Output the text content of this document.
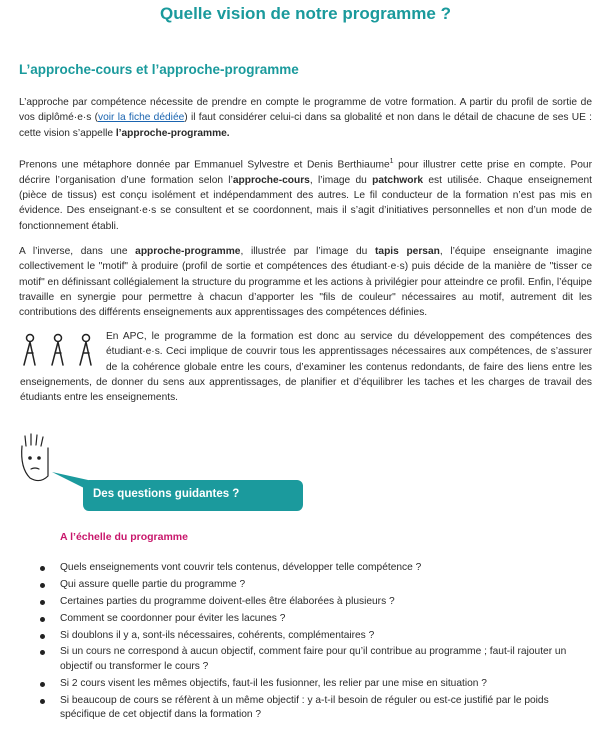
Quelle vision de notre programme ?
L’approche-cours et l’approche-programme

L’approche par compétence nécessite de prendre en compte le programme de votre formation. A partir du profil de sortie de vos diplômé·e·s (voir la fiche dédiée) il faut considérer celui-ci dans sa globalité et non dans le détail de chacune de ses UE : cette vision s’appelle l’approche-programme.

Prenons une métaphore donnée par Emmanuel Sylvestre et Denis Berthiaume$^1$ pour illustrer cette prise en compte. Pour décrire l’organisation d’une formation selon l’approche-cours, l’image du patchwork est utilisée. Chaque enseignement (pièce de tissus) est conçu isolément et indépendamment des autres. Le fil conducteur de la formation n’est pas mis en évidence. Des enseignant·e·s se consultent et se coordonnent, mais il s’agit d’initiatives personnelles et non d’un mode de fonctionnement établi.

A l’inverse, dans une approche-programme, illustrée par l’image du tapis persan, l’équipe enseignante imagine collectivement le "motif" à produire (profil de sortie et compétences des étudiant·e·s) puis décide de la manière de "tisser ce motif" en définissant collégialement la structure du programme et les actions à privilégier pour atteindre ce profil. Enfin, l’équipe travaille en synergie pour permettre à chacun d’apporter les "fils de couleur" nécessaires au motif, autrement dit les contributions des différents enseignements aux apprentissages des compétences définies.

En APC, le programme de la formation est donc au service du développement des compétences des étudiant·e·s. Ceci implique de couvrir tous les apprentissages nécessaires aux compétences, de s’assurer de la cohérence globale entre les cours, d’examiner les contenus redondants, de faire des liens entre les enseignements, de donner du sens aux apprentissages, de planifier et d’équilibrer les taches et les charges de travail des étudiants entre les enseignements.

Des questions guidantes ?
A l’échelle du programme
Quels enseignements vont couvrir tels contenus, développer telle compétence ?
Qui assure quelle partie du programme ?
Certaines parties du programme doivent-elles être élaborées à plusieurs ?
Comment se coordonner pour éviter les lacunes ?
Si doublons il y a, sont-ils nécessaires, cohérents, complémentaires ?
Si un cours ne correspond à aucun objectif, comment faire pour qu’il contribue au programme ; faut-il rajouter un objectif ou transformer le cours ?
Si 2 cours visent les mêmes objectifs, faut-il les fusionner, les relier par une mise en situation ?
Si beaucoup de cours se réfèrent à un même objectif : y a-t-il besoin de réguler ou est-ce justifié par le poids spécifique de cet objectif dans la formation ?
